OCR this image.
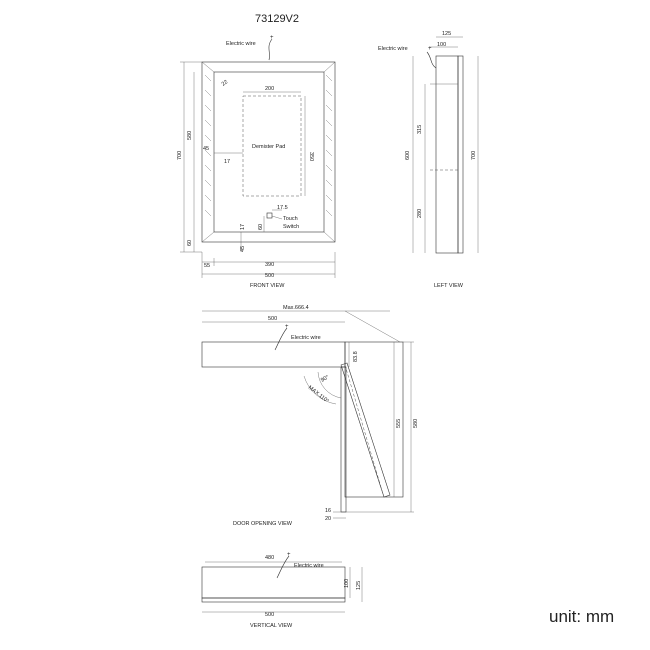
73129V2
Demister Pad
+
Electric wire
Touch
Switch
700
580
60
200
350
45
17
22
17.5
60
17
45
55	390
500
FRONT VIEW
Electric wire	+
125
100
600
315
280
700
LEFT VIEW
Max.666.4
500
90°
MAX.110°
+
Electric wire
83.8
555 580
16
20
DOOR OPENING VIEW
480 +
Electric wire
100 125
500
VERTICAL VIEW	unit: mm
